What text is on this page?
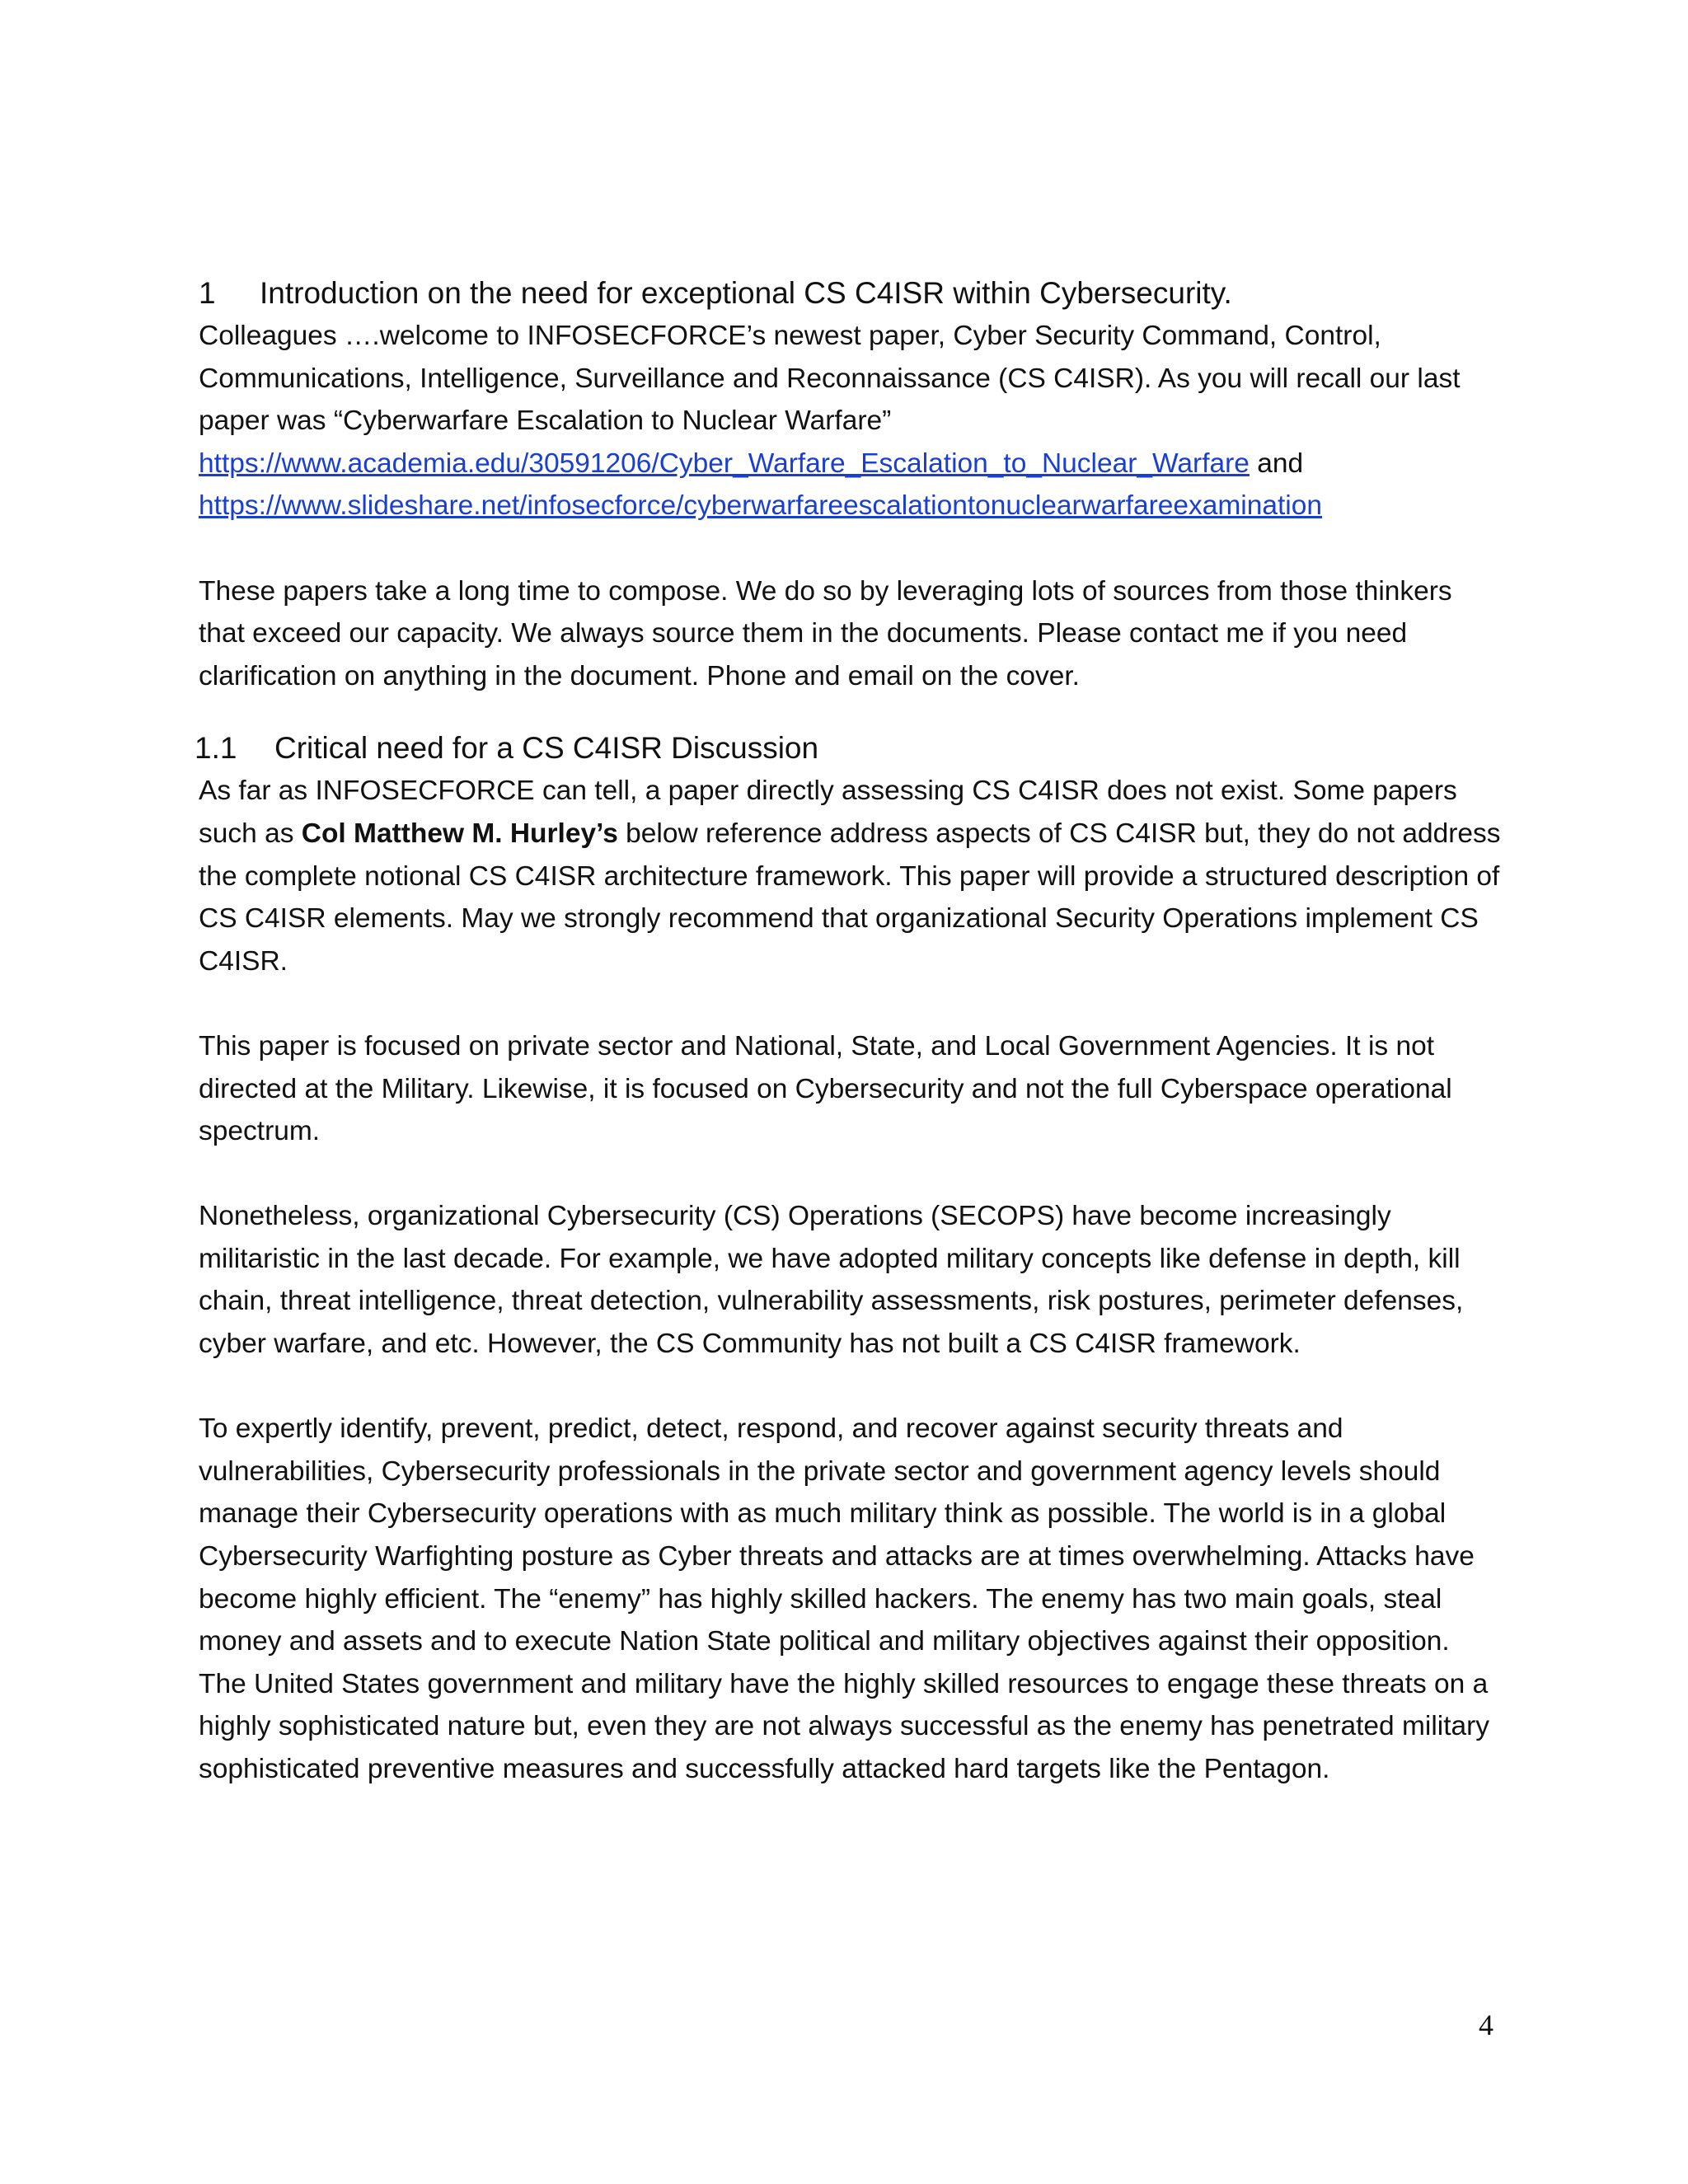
1 Introduction on the need for exceptional CS C4ISR within Cybersecurity.

Colleagues ….welcome to INFOSECFORCE’s newest paper, Cyber Security Command, Control, Communications, Intelligence, Surveillance and Reconnaissance (CS C4ISR). As you will recall our last paper was “Cyberwarfare Escalation to Nuclear Warfare”

https://www.academia.edu/30591206/Cyber_Warfare_Escalation_to_Nuclear_Warfare and

https://www.slideshare.net/infosecforce/cyberwarfareescalationtonuclearwarfareexamination

These papers take a long time to compose. We do so by leveraging lots of sources from those thinkers that exceed our capacity. We always source them in the documents. Please contact me if you need clarification on anything in the document. Phone and email on the cover.

1.1 Critical need for a CS C4ISR Discussion

As far as INFOSECFORCE can tell, a paper directly assessing CS C4ISR does not exist. Some papers such as Col Matthew M. Hurley’s below reference address aspects of CS C4ISR but, they do not address the complete notional CS C4ISR architecture framework. This paper will provide a structured description of CS C4ISR elements. May we strongly recommend that organizational Security Operations implement CS C4ISR.

This paper is focused on private sector and National, State, and Local Government Agencies. It is not directed at the Military. Likewise, it is focused on Cybersecurity and not the full Cyberspace operational spectrum.

Nonetheless, organizational Cybersecurity (CS) Operations (SECOPS) have become increasingly militaristic in the last decade. For example, we have adopted military concepts like defense in depth, kill chain, threat intelligence, threat detection, vulnerability assessments, risk postures, perimeter defenses, cyber warfare, and etc. However, the CS Community has not built a CS C4ISR framework.

To expertly identify, prevent, predict, detect, respond, and recover against security threats and vulnerabilities, Cybersecurity professionals in the private sector and government agency levels should manage their Cybersecurity operations with as much military think as possible. The world is in a global Cybersecurity Warfighting posture as Cyber threats and attacks are at times overwhelming. Attacks have become highly efficient. The “enemy” has highly skilled hackers. The enemy has two main goals, steal money and assets and to execute Nation State political and military objectives against their opposition. The United States government and military have the highly skilled resources to engage these threats on a highly sophisticated nature but, even they are not always successful as the enemy has penetrated military sophisticated preventive measures and successfully attacked hard targets like the Pentagon.

4
